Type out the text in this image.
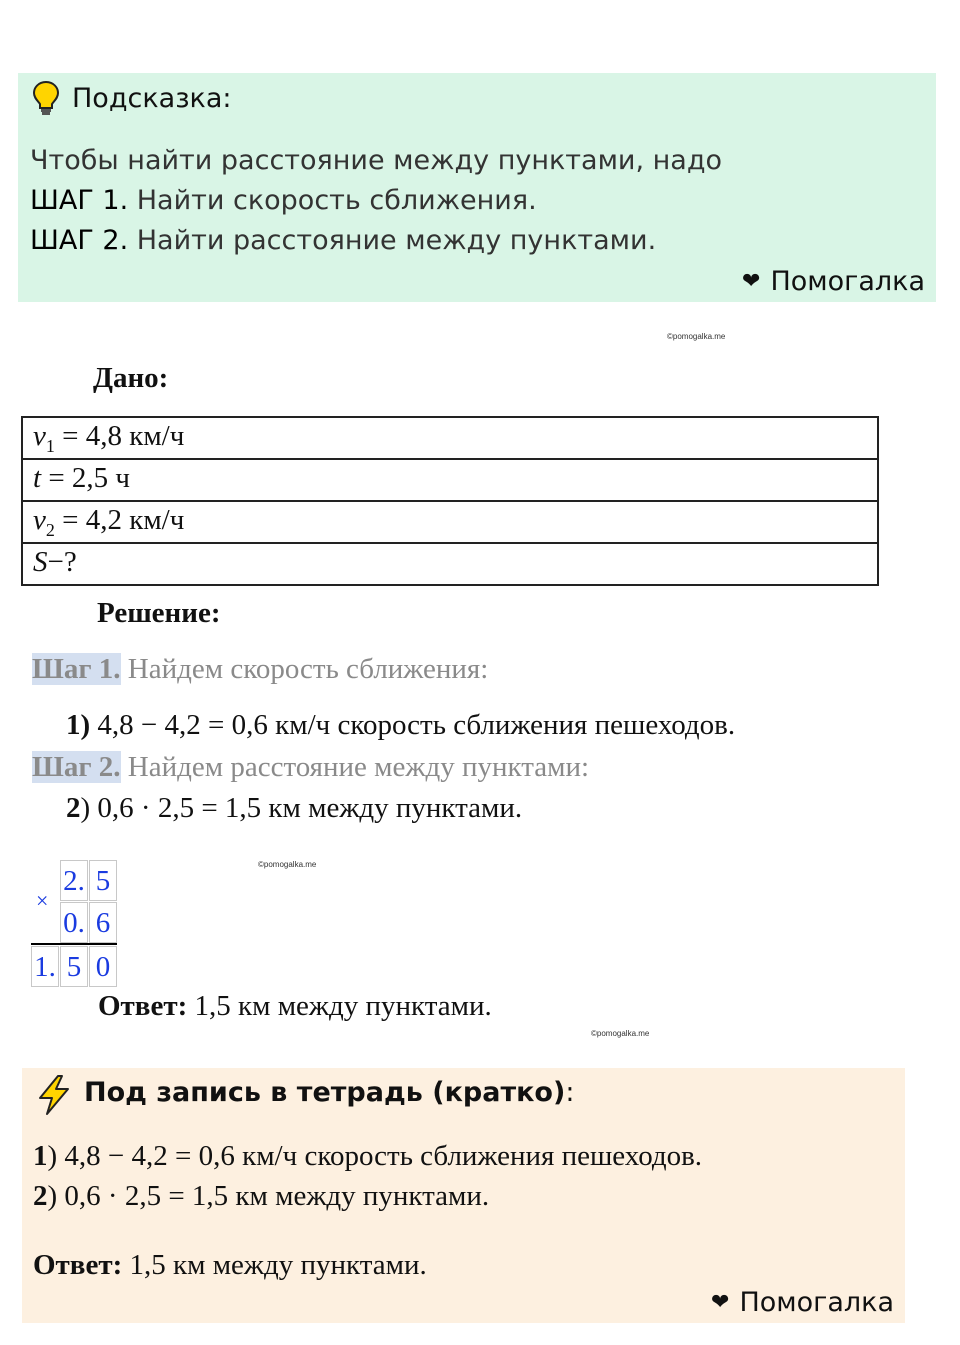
Подсказка:
Чтобы найти расстояние между пунктами, надо
ШАГ 1. Найти скорость сближения.
ШАГ 2. Найти расстояние между пунктами.
❤ Помогалка
©pomogalka.me
Дано:
$v_1 = 4,8$ км/ч
t = 2,5 ч
$v_2 = 4,2$ км/ч
S−?
Решение:
Шаг 1. Найдем скорость сближения:
1) 4,8 − 4,2 = 0,6 км/ч скорость сближения пешеходов.
Шаг 2. Найдем расстояние между пунктами:
2) 0,6 · 2,5 = 1,5 км между пунктами.
©pomogalka.me
×
2. 5
0. 6
1. 5 0
Ответ: 1,5 км между пунктами.
©pomogalka.me
Под запись в тетрадь (кратко):
1) 4,8 − 4,2 = 0,6 км/ч скорость сближения пешеходов.
2) 0,6 · 2,5 = 1,5 км между пунктами.
Ответ: 1,5 км между пунктами.
❤ Помогалка
